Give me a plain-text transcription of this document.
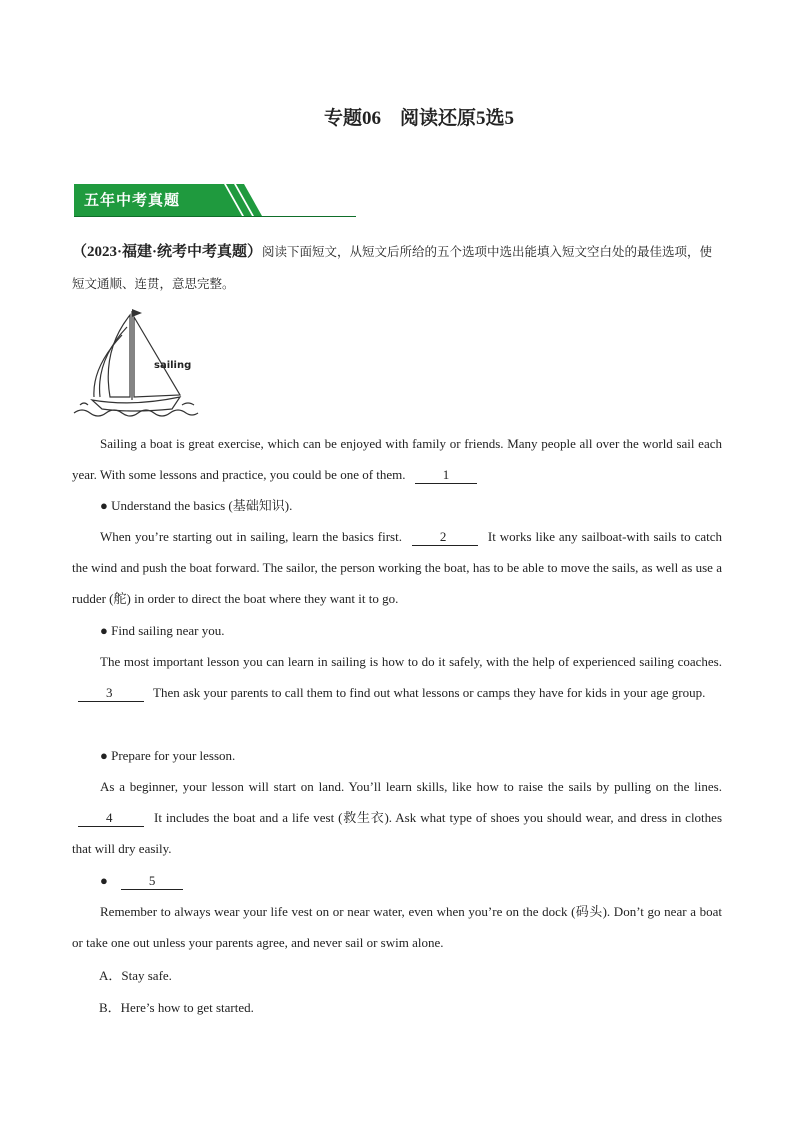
专题06　阅读还原5选5
五年中考真题
（2023·福建·统考中考真题）阅读下面短文，从短文后所给的五个选项中选出能填入短文空白处的最佳选项，使短文通顺、连贯，意思完整。
sailing
Sailing a boat is great exercise, which can be enjoyed with family or friends. Many people all over the world sail each year. With some lessons and practice, you could be one of them.	1
● Understand the basics (基础知识).
When you’re starting out in sailing, learn the basics first.	2	It works like any sailboat-with sails to catch the wind and push the boat forward. The sailor, the person working the boat, has to be able to move the sails, as well as use a rudder (舵) in order to direct the boat where they want it to go.
● Find sailing near you.
The most important lesson you can learn in sailing is how to do it safely, with the help of experienced sailing coaches. 3	Then ask your parents to call them to find out what lessons or camps they have for kids in your age group.
● Prepare for your lesson.
As a beginner, your lesson will start on land. You’ll learn skills, like how to raise the sails by pulling on the lines. 4	It includes the boat and a life vest (救生衣). Ask what type of shoes you should wear, and dress in clothes that will dry easily.
●	5
Remember to always wear your life vest on or near water, even when you’re on the dock (码头). Don’t go near a boat or take one out unless your parents agree, and never sail or swim alone.
A．Stay safe.
B．Here’s how to get started.
